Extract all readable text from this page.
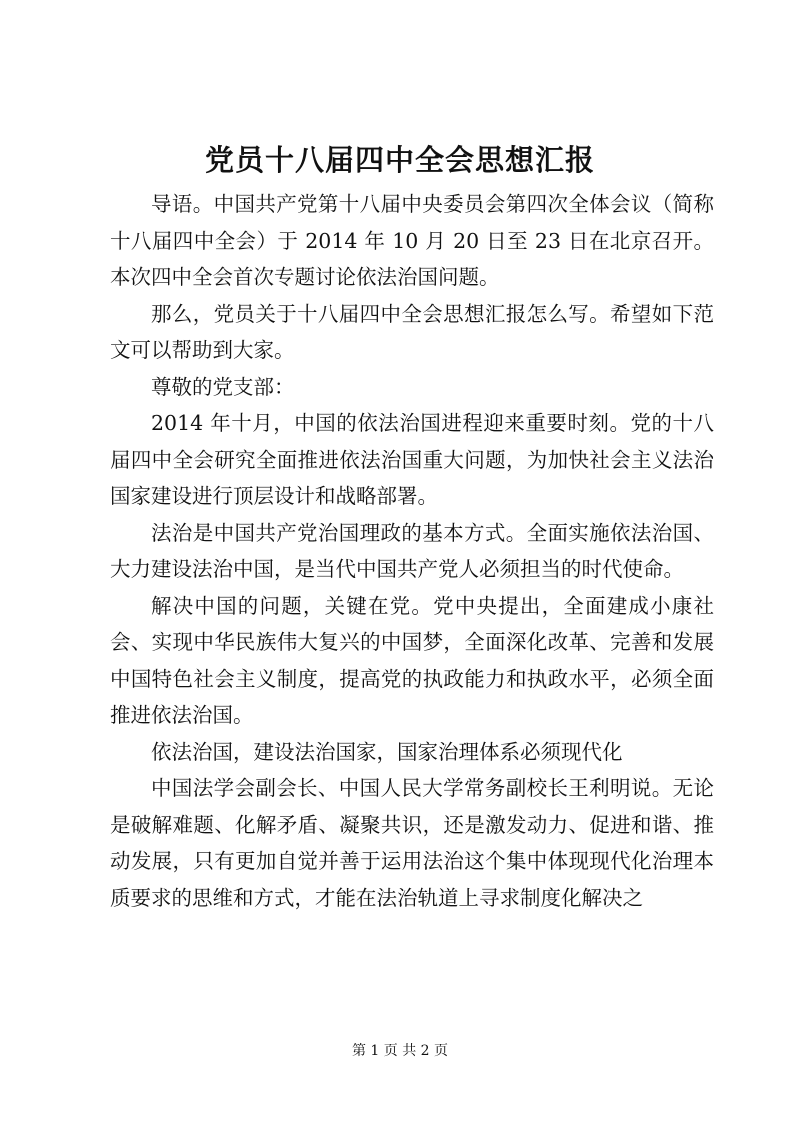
党员十八届四中全会思想汇报

导语。中国共产党第十八届中央委员会第四次全体会议（简称十八届四中全会）于 2014 年 10 月 20 日至 23 日在北京召开。本次四中全会首次专题讨论依法治国问题。

那么，党员关于十八届四中全会思想汇报怎么写。希望如下范文可以帮助到大家。

尊敬的党支部：

2014 年十月，中国的依法治国进程迎来重要时刻。党的十八届四中全会研究全面推进依法治国重大问题，为加快社会主义法治国家建设进行顶层设计和战略部署。

法治是中国共产党治国理政的基本方式。全面实施依法治国、大力建设法治中国，是当代中国共产党人必须担当的时代使命。

解决中国的问题，关键在党。党中央提出，全面建成小康社会、实现中华民族伟大复兴的中国梦，全面深化改革、完善和发展中国特色社会主义制度，提高党的执政能力和执政水平，必须全面推进依法治国。

依法治国，建设法治国家，国家治理体系必须现代化

中国法学会副会长、中国人民大学常务副校长王利明说。无论是破解难题、化解矛盾、凝聚共识，还是激发动力、促进和谐、推动发展，只有更加自觉并善于运用法治这个集中体现现代化治理本质要求的思维和方式，才能在法治轨道上寻求制度化解决之

第 1 页 共 2 页
